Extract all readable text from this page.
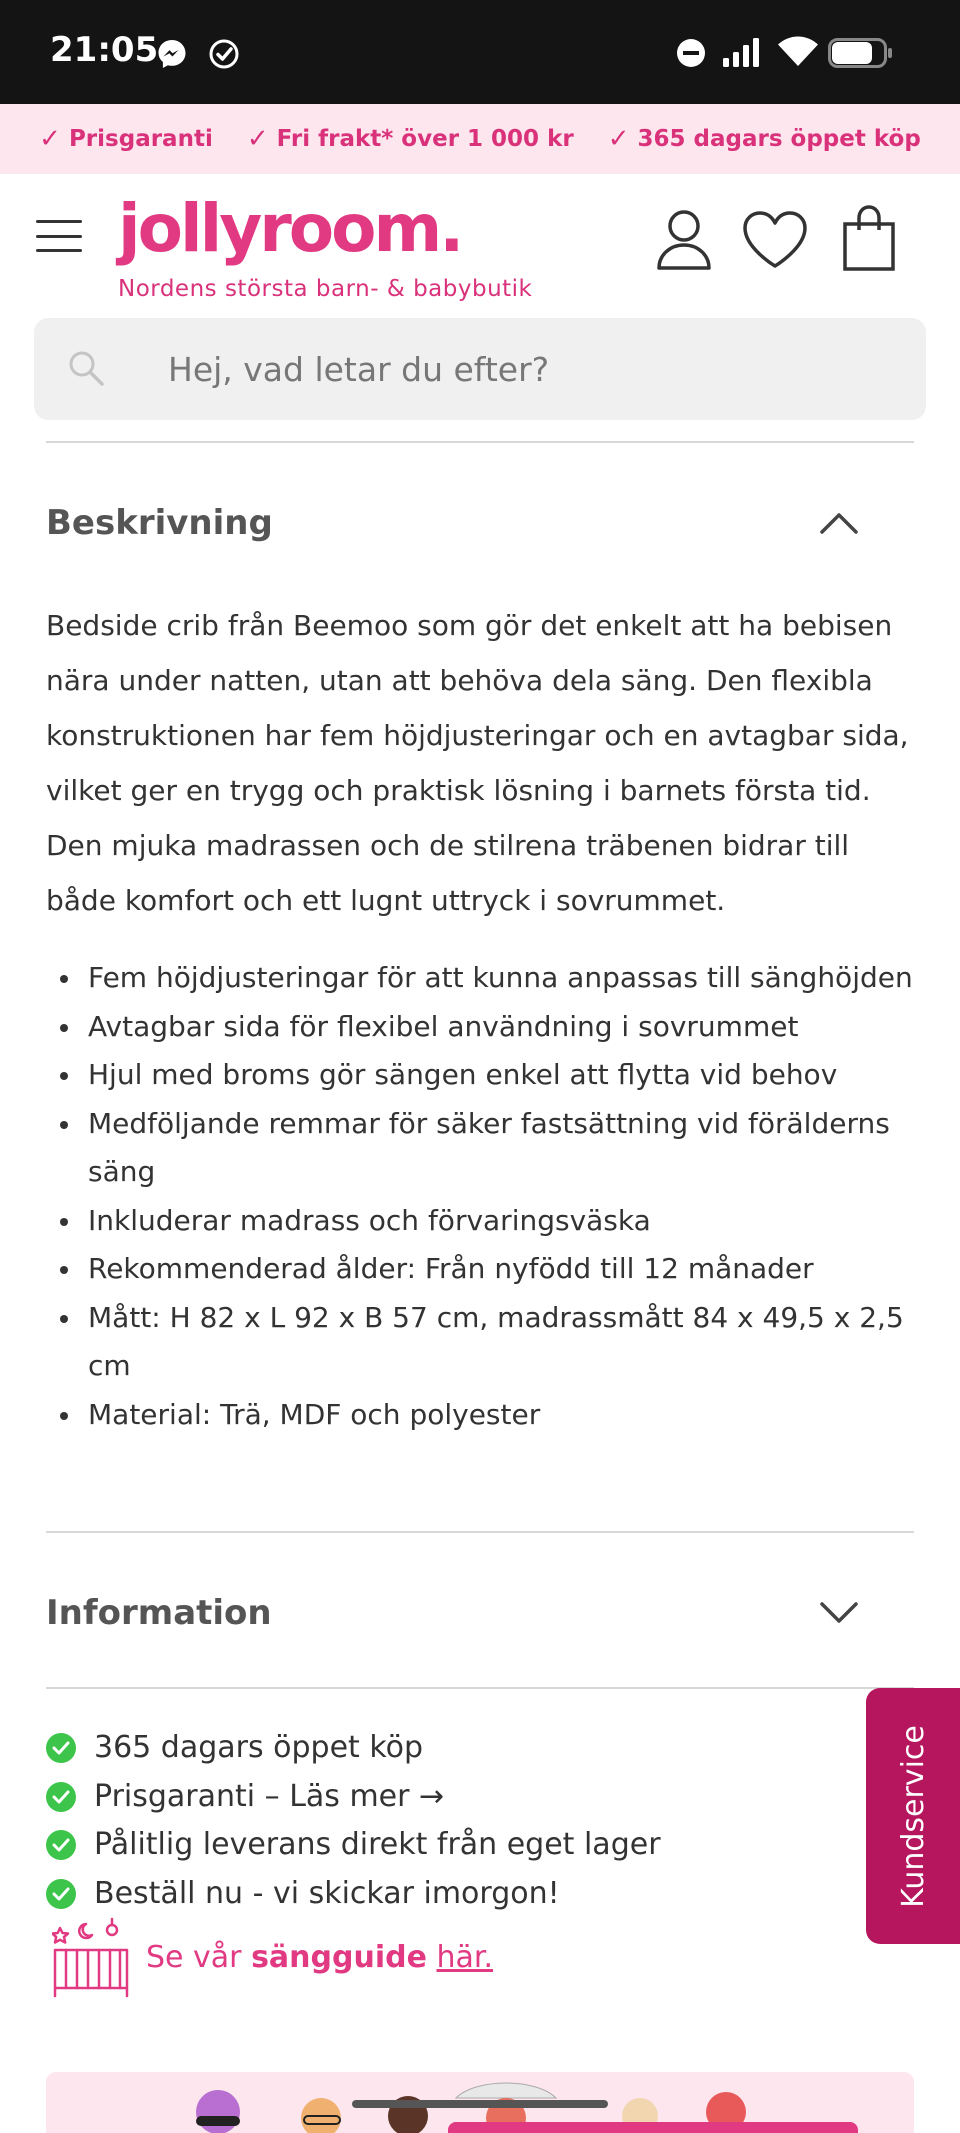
21:05
✓ Prisgaranti ✓ Fri frakt* över 1 000 kr ✓ 365 dagars öppet köp
jollyroom.
Nordens största barn- & babybutik
Hej, vad letar du efter?
Beskrivning

Bedside crib från Beemoo som gör det enkelt att ha bebisen nära under natten, utan att behöva dela säng. Den flexibla konstruktionen har fem höjdjusteringar och en avtagbar sida, vilket ger en trygg och praktisk lösning i barnets första tid. Den mjuka madrassen och de stilrena träbenen bidrar till både komfort och ett lugnt uttryck i sovrummet.

Fem höjdjusteringar för att kunna anpassas till sänghöjden
Avtagbar sida för flexibel användning i sovrummet
Hjul med broms gör sängen enkel att flytta vid behov
Medföljande remmar för säker fastsättning vid förälderns säng
Inkluderar madrass och förvaringsväska
Rekommenderad ålder: Från nyfödd till 12 månader
Mått: H 82 x L 92 x B 57 cm, madrassmått 84 x 49,5 x 2,5 cm
Material: Trä, MDF och polyester
Information
365 dagars öppet köp
Prisgaranti – Läs mer →
Pålitlig leverans direkt från eget lager
Beställ nu - vi skickar imorgon!
Se vår sängguide här.
Kundservice
